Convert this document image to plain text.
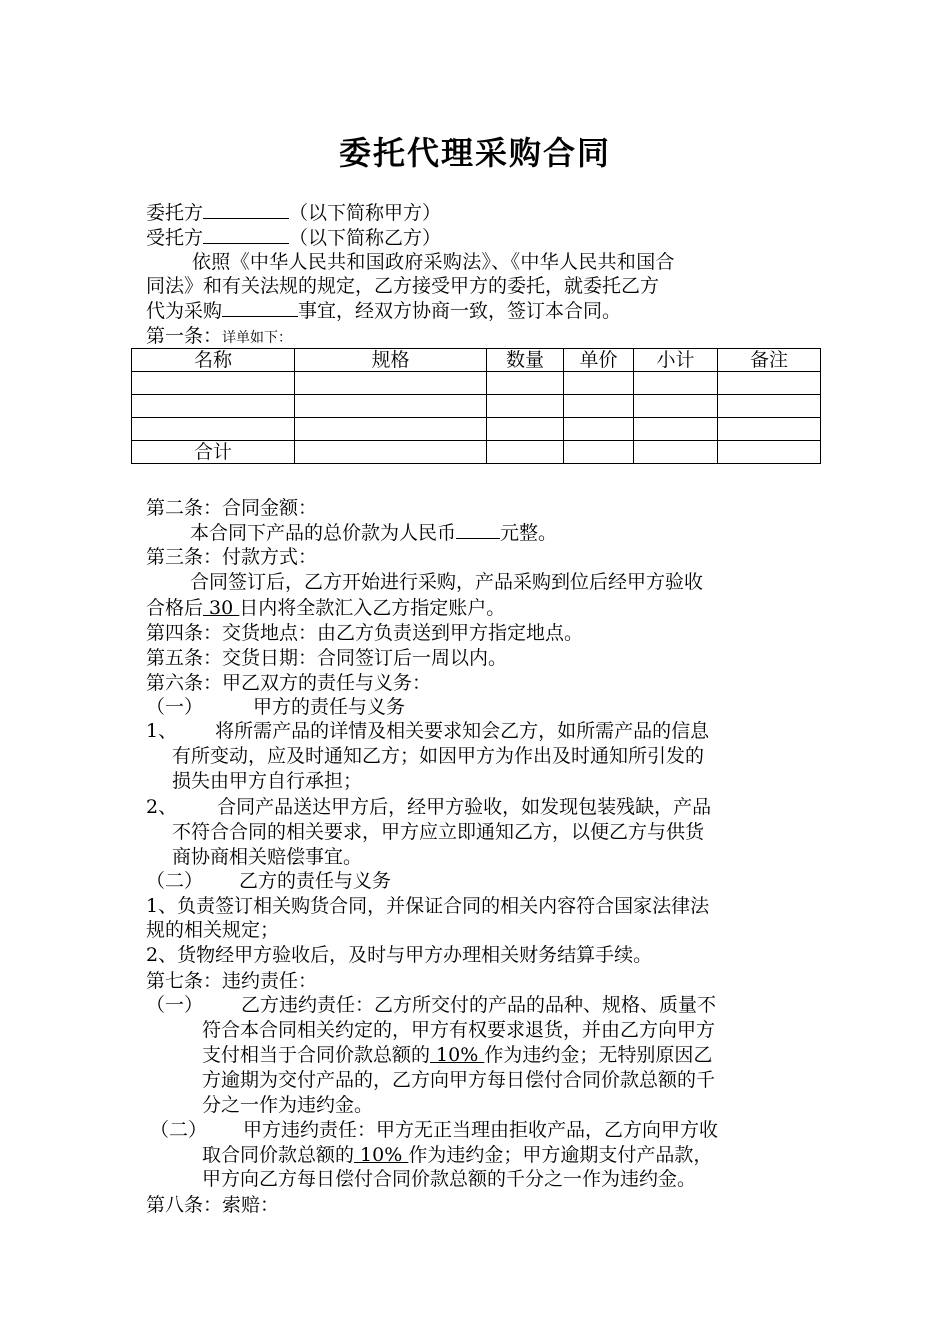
委托代理采购合同
委托方	（以下简称甲方）
受托方	（以下简称乙方）
依照《中华人民共和国政府采购法》、《中华人民共和国合
同法》和有关法规的规定，乙方接受甲方的委托，就委托乙方
代为采购	事宜，经双方协商一致，签订本合同。
第一条：详单如下：
名称	规格	数量	单价	小计	备注

合计					
第二条：合同金额：
本合同下产品的总价款为人民币 元整。
第三条：付款方式：
合同签订后，乙方开始进行采购，产品采购到位后经甲方验收
合格后 30 日内将全款汇入乙方指定账户。
第四条：交货地点：由乙方负责送到甲方指定地点。
第五条：交货日期：合同签订后一周以内。
第六条：甲乙双方的责任与义务：
（一）	甲方的责任与义务
1、 将所需产品的详情及相关要求知会乙方，如所需产品的信息
有所变动，应及时通知乙方；如因甲方为作出及时通知所引发的
损失由甲方自行承担；
2、 合同产品送达甲方后，经甲方验收，如发现包装残缺，产品
不符合合同的相关要求，甲方应立即通知乙方，以便乙方与供货
商协商相关赔偿事宜。
（二） 乙方的责任与义务
1、负责签订相关购货合同，并保证合同的相关内容符合国家法律法
规的相关规定；
2、货物经甲方验收后，及时与甲方办理相关财务结算手续。
第七条：违约责任：
（一） 乙方违约责任：乙方所交付的产品的品种、规格、质量不
符合本合同相关约定的，甲方有权要求退货，并由乙方向甲方
支付相当于合同价款总额的 10% 作为违约金；无特别原因乙
方逾期为交付产品的，乙方向甲方每日偿付合同价款总额的千
分之一作为违约金。
（二） 甲方违约责任：甲方无正当理由拒收产品，乙方向甲方收
取合同价款总额的 10% 作为违约金；甲方逾期支付产品款，
甲方向乙方每日偿付合同价款总额的千分之一作为违约金。
第八条：索赔：
